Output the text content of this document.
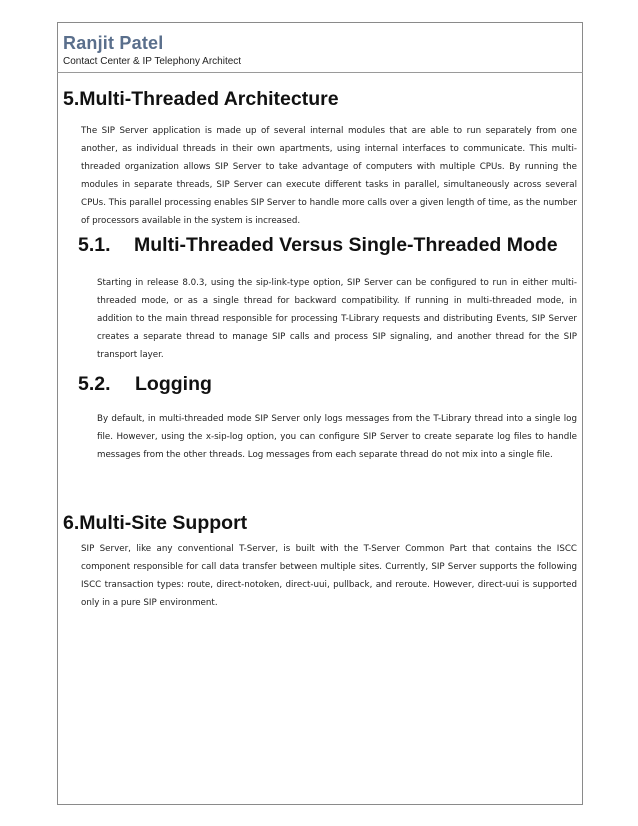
Ranjit Patel
Contact Center & IP Telephony Architect
5.Multi-Threaded Architecture

The SIP Server application is made up of several internal modules that are able to run separately from one another, as individual threads in their own apartments, using internal interfaces to communicate. This multi-threaded organization allows SIP Server to take advantage of computers with multiple CPUs. By running the modules in separate threads, SIP Server can execute different tasks in parallel, simultaneously across several CPUs. This parallel processing enables SIP Server to handle more calls over a given length of time, as the number of processors available in the system is increased.

5.1. Multi-Threaded Versus Single-Threaded Mode

Starting in release 8.0.3, using the sip-link-type option, SIP Server can be configured to run in either multi-threaded mode, or as a single thread for backward compatibility. If running in multi-threaded mode, in addition to the main thread responsible for processing T-Library requests and distributing Events, SIP Server creates a separate thread to manage SIP calls and process SIP signaling, and another thread for the SIP transport layer.

5.2. Logging

By default, in multi-threaded mode SIP Server only logs messages from the T-Library thread into a single log file. However, using the x-sip-log option, you can configure SIP Server to create separate log files to handle messages from the other threads. Log messages from each separate thread do not mix into a single file.

6.Multi-Site Support

SIP Server, like any conventional T-Server, is built with the T-Server Common Part that contains the ISCC component responsible for call data transfer between multiple sites. Currently, SIP Server supports the following ISCC transaction types: route, direct-notoken, direct-uui, pullback, and reroute. However, direct-uui is supported only in a pure SIP environment.
